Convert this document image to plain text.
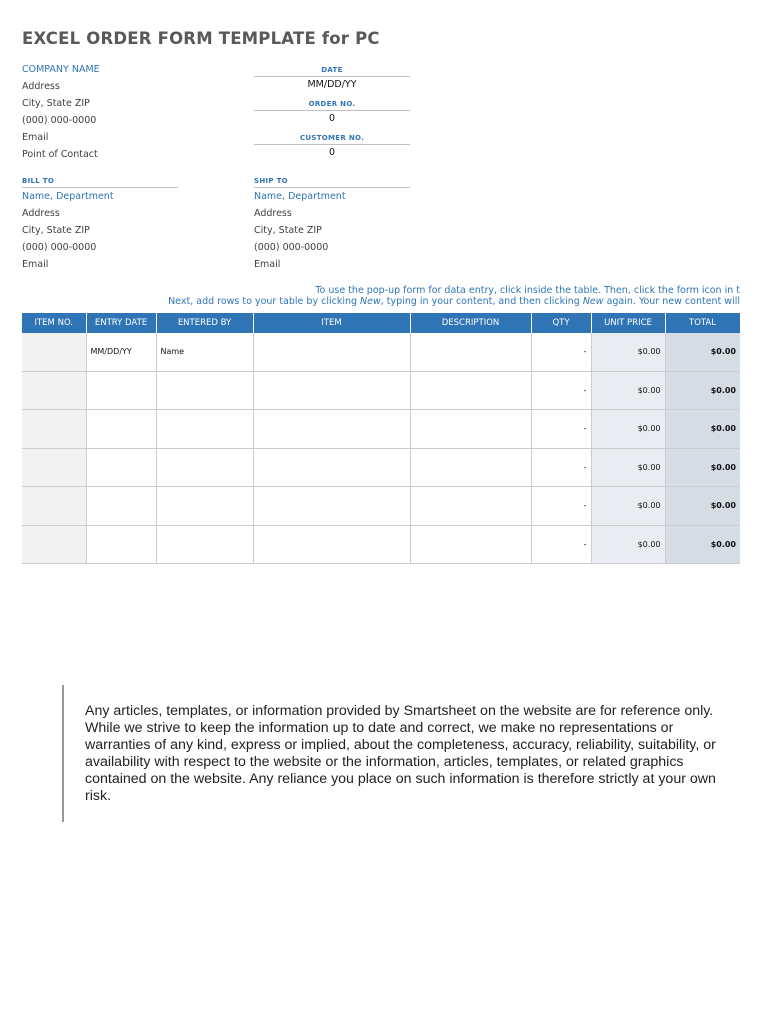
EXCEL ORDER FORM TEMPLATE for PC
COMPANY NAME
Address
City, State ZIP
(000) 000-0000
Email
Point of Contact
DATE
MM/DD/YY
ORDER NO.
0
CUSTOMER NO.
0
BILL TO
Name, Department
Address
City, State ZIP
(000) 000-0000
Email
SHIP TO
Name, Department
Address
City, State ZIP
(000) 000-0000
Email
To use the pop-up form for data entry, click inside the table. Then, click the form icon in t
Next, add rows to your table by clicking New, typing in your content, and then clicking New again. Your new content will
ITEM NO.	ENTRY DATE	ENTERED BY	ITEM	DESCRIPTION	QTY	UNIT PRICE	TOTAL
	MM/DD/YY	Name			-	$0.00	$0.00
					-	$0.00	$0.00
					-	$0.00	$0.00
					-	$0.00	$0.00
					-	$0.00	$0.00
					-	$0.00	$0.00

Any articles, templates, or information provided by Smartsheet on the website are for reference only. While we strive to keep the information up to date and correct, we make no representations or warranties of any kind, express or implied, about the completeness, accuracy, reliability, suitability, or availability with respect to the website or the information, articles, templates, or related graphics contained on the website. Any reliance you place on such information is therefore strictly at your own risk.
